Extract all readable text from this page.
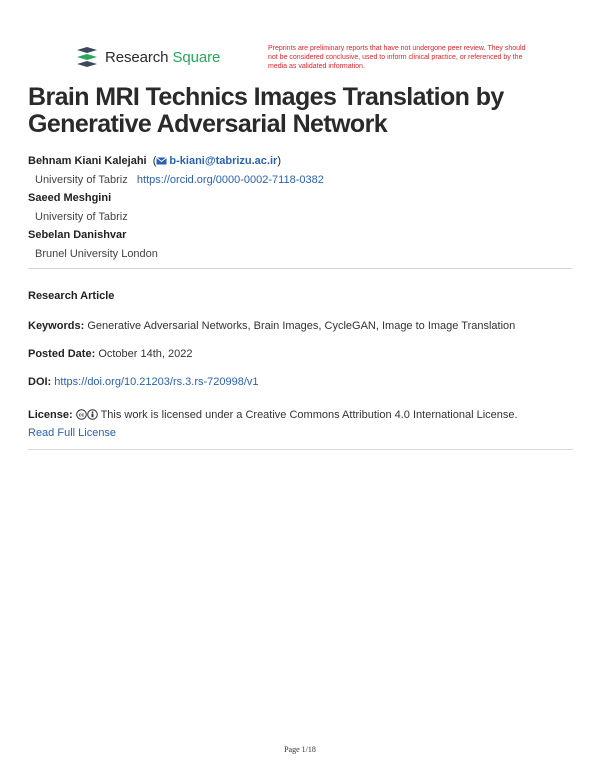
Research Square	Preprints are preliminary reports that have not undergone peer review. They should not be considered conclusive, used to inform clinical practice, or referenced by the media as validated information.
Brain MRI Technics Images Translation by Generative Adversarial Network
Behnam Kiani Kalejahi  ( b-kiani@tabrizu.ac.ir)
University of Tabriz https://orcid.org/0000-0002-7118-0382
Saeed Meshgini
University of Tabriz
Sebelan Danishvar
Brunel University London
Research Article
Keywords: Generative Adversarial Networks, Brain Images, CycleGAN, Image to Image Translation
Posted Date: October 14th, 2022
DOI: https://doi.org/10.21203/rs.3.rs-720998/v1
License: cc This work is licensed under a Creative Commons Attribution 4.0 International License.
Read Full License
Page 1/18
